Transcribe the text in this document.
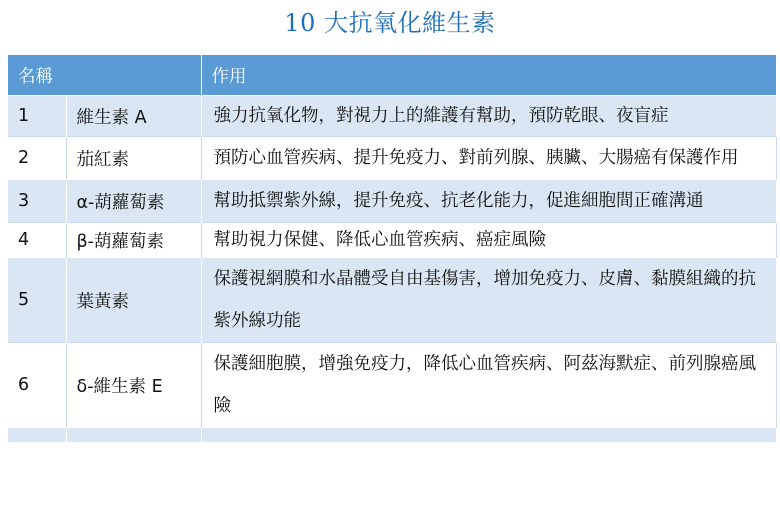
10 大抗氧化維生素
名稱		作用
1	維生素 A	強力抗氧化物，對視力上的維護有幫助，預防乾眼、夜盲症
2	茄紅素	預防心血管疾病、提升免疫力、對前列腺、胰臟、大腸癌有保護作用
3	α-葫蘿蔔素	幫助抵禦紫外線，提升免疫、抗老化能力，促進細胞間正確溝通
4	β-葫蘿蔔素	幫助視力保健、降低心血管疾病、癌症風險
5	葉黃素	保護視網膜和水晶體受自由基傷害，增加免疫力、皮膚、黏膜組織的抗紫外線功能
6	δ-維生素 E	保護細胞膜，增強免疫力，降低心血管疾病、阿茲海默症、前列腺癌風險
